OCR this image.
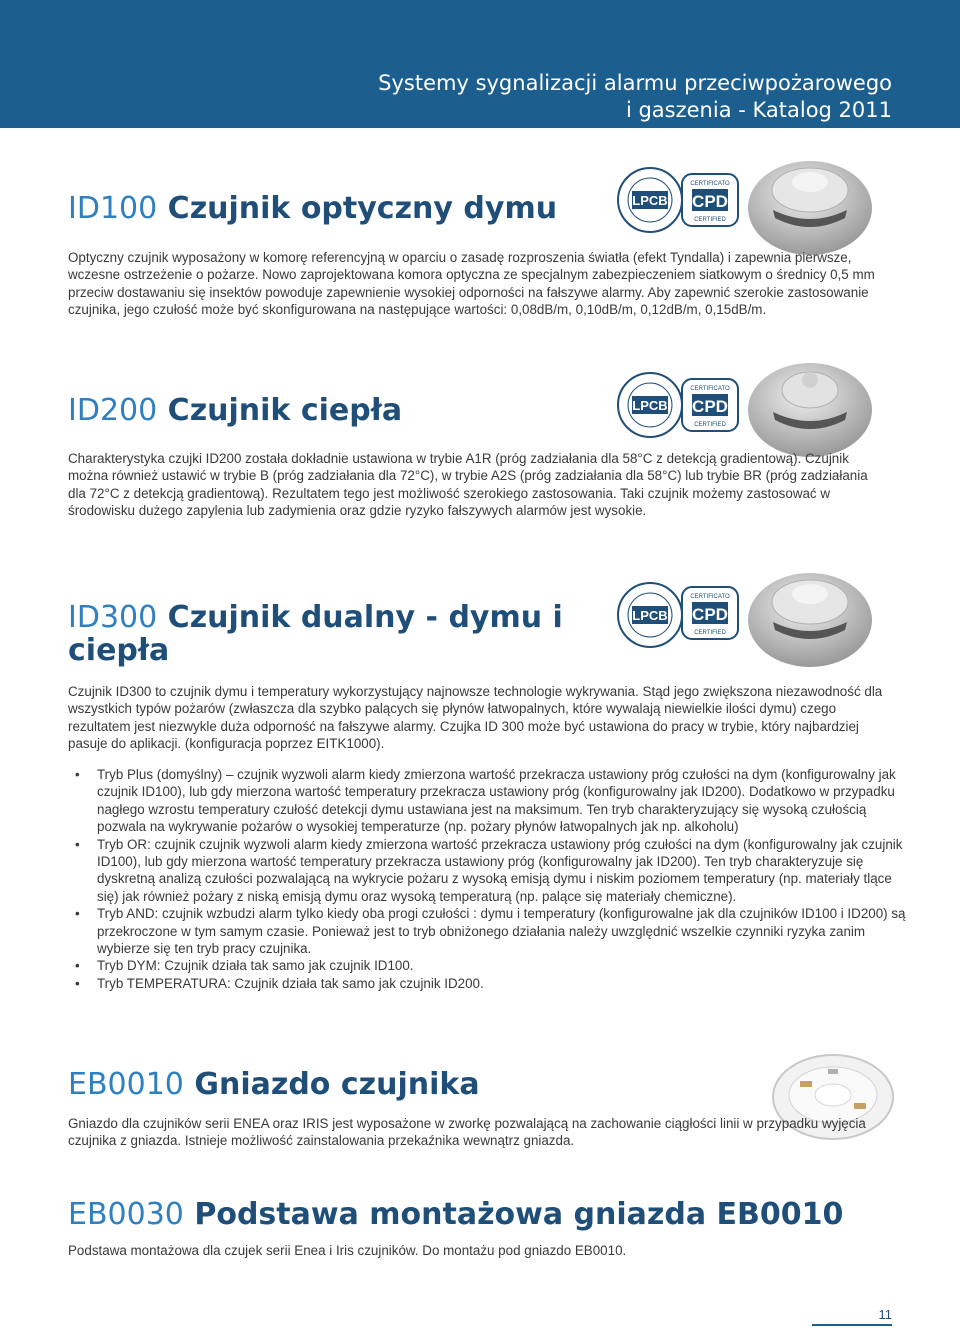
Systemy sygnalizacji alarmu przeciwpożarowego
i gaszenia - Katalog 2011
ID100 Czujnik optyczny dymu	LPCB
CERTIFICATO
CPD
CERTIFIED

Optyczny czujnik wyposażony w komorę referencyjną w oparciu o zasadę rozproszenia światła (efekt Tyndalla) i zapewnia pierwsze, wczesne ostrzeżenie o pożarze. Nowo zaprojektowana komora optyczna ze specjalnym zabezpieczeniem siatkowym o średnicy 0,5 mm przeciw dostawaniu się insektów powoduje zapewnienie wysokiej odporności na fałszywe alarmy. Aby zapewnić szerokie zastosowanie czujnika, jego czułość może być skonfigurowana na następujące wartości: 0,08dB/m, 0,10dB/m, 0,12dB/m, 0,15dB/m.

ID200 Czujnik ciepła	LPCB
CERTIFICATO
CPD
CERTIFIED

Charakterystyka czujki ID200 została dokładnie ustawiona w trybie A1R (próg zadziałania dla 58°C z detekcją gradientową). Czujnik można również ustawić w trybie B (próg zadziałania dla 72°C), w trybie A2S (próg zadziałania dla 58°C) lub trybie BR (próg zadziałania dla 72°C z detekcją gradientową). Rezultatem tego jest możliwość szerokiego zastosowania. Taki czujnik możemy zastosować w środowisku dużego zapylenia lub zadymienia oraz gdzie ryzyko fałszywych alarmów jest wysokie.

ID300 Czujnik dualny - dymu i ciepła
LPCB
CERTIFICATO
CPD
CERTIFIED

Czujnik ID300 to czujnik dymu i temperatury wykorzystujący najnowsze technologie wykrywania. Stąd jego zwiększona niezawodność dla wszystkich typów pożarów (zwłaszcza dla szybko palących się płynów łatwopalnych, które wywalają niewielkie ilości dymu) czego rezultatem jest niezwykle duża odporność na fałszywe alarmy. Czujka ID 300 może być ustawiona do pracy w trybie, który najbardziej pasuje do aplikacji. (konfiguracja poprzez EITK1000).

• Tryb Plus (domyślny) – czujnik wyzwoli alarm kiedy zmierzona wartość przekracza ustawiony próg czułości na dym (konfigurowalny jak czujnik ID100), lub gdy mierzona wartość temperatury przekracza ustawiony próg (konfigurowalny jak ID200). Dodatkowo w przypadku nagłego wzrostu temperatury czułość detekcji dymu ustawiana jest na maksimum. Ten tryb charakteryzujący się wysoką czułością pozwala na wykrywanie pożarów o wysokiej temperaturze (np. pożary płynów łatwopalnych jak np. alkoholu)
• Tryb OR: czujnik czujnik wyzwoli alarm kiedy zmierzona wartość przekracza ustawiony próg czułości na dym (konfigurowalny jak czujnik ID100), lub gdy mierzona wartość temperatury przekracza ustawiony próg (konfigurowalny jak ID200). Ten tryb charakteryzuje się dyskretną analizą czułości pozwalającą na wykrycie pożaru z wysoką emisją dymu i niskim poziomem temperatury (np. materiały tlące się) jak również pożary z niską emisją dymu oraz wysoką temperaturą (np. palące się materiały chemiczne).
• Tryb AND: czujnik wzbudzi alarm tylko kiedy oba progi czułości : dymu i temperatury (konfigurowalne jak dla czujników ID100 i ID200) są przekroczone w tym samym czasie. Ponieważ jest to tryb obniżonego działania należy uwzględnić wszelkie czynniki ryzyka zanim wybierze się ten tryb pracy czujnika.
• Tryb DYM: Czujnik działa tak samo jak czujnik ID100.
• Tryb TEMPERATURA: Czujnik działa tak samo jak czujnik ID200.
EB0010 Gniazdo czujnika

Gniazdo dla czujników serii ENEA oraz IRIS jest wyposażone w zworkę pozwalającą na zachowanie ciągłości linii w przypadku wyjęcia czujnika z gniazda. Istnieje możliwość zainstalowania przekaźnika wewnątrz gniazda.

EB0030 Podstawa montażowa gniazda EB0010

Podstawa montażowa dla czujek serii Enea i Iris czujników. Do montażu pod gniazdo EB0010.

11
